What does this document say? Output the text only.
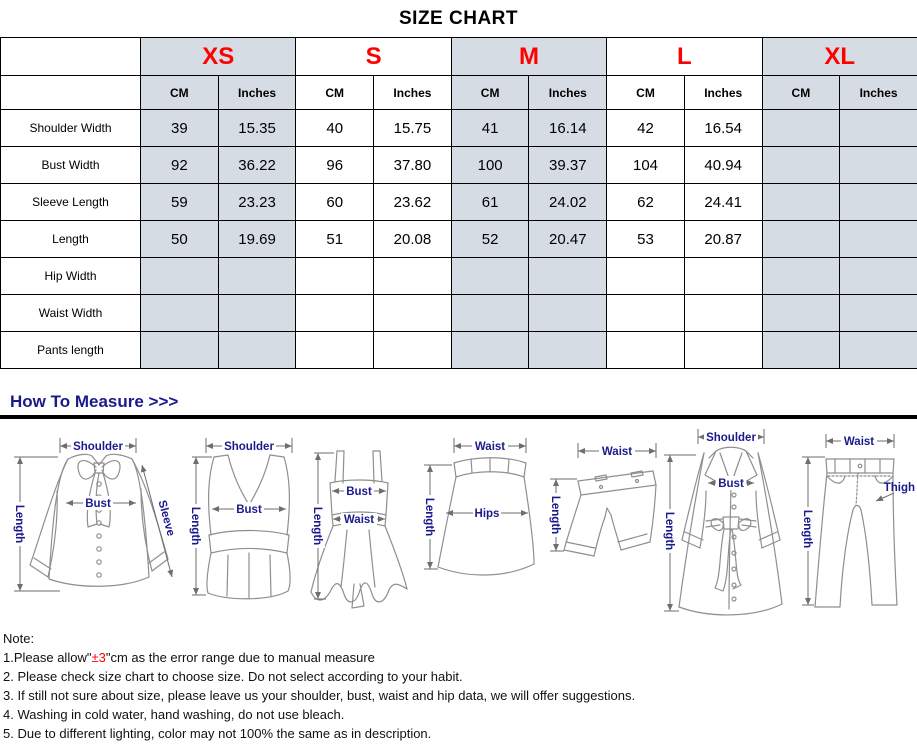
SIZE CHART
	XS		S		M		L		XL	
	CM	Inches	CM	Inches	CM	Inches	CM	Inches	CM	Inches
Shoulder Width	39	15.35	40	15.75	41	16.14	42	16.54		
Bust Width	92	36.22	96	37.80	100	39.37	104	40.94		
Sleeve Length	59	23.23	60	23.62	61	24.02	62	24.41		
Length	50	19.69	51	20.08	52	20.47	53	20.87		
Hip Width										
Waist Width										
Pants length										
How To Measure >>>
Shoulder
Length
Bust	Sleeve
Shoulder
Length	Bust
Bust
Waist
Length
Waist
Hips
Length
Waist
Length
Shoulder
Bust
Length
Waist
Thigh
Length
Note:
1.Please allow"±3"cm as the error range due to manual measure
2. Please check size chart to choose size. Do not select according to your habit.
3. If still not sure about size, please leave us your shoulder, bust, waist and hip data, we will offer suggestions.
4. Washing in cold water, hand washing, do not use bleach.
5. Due to different lighting, color may not 100% the same as in description.
